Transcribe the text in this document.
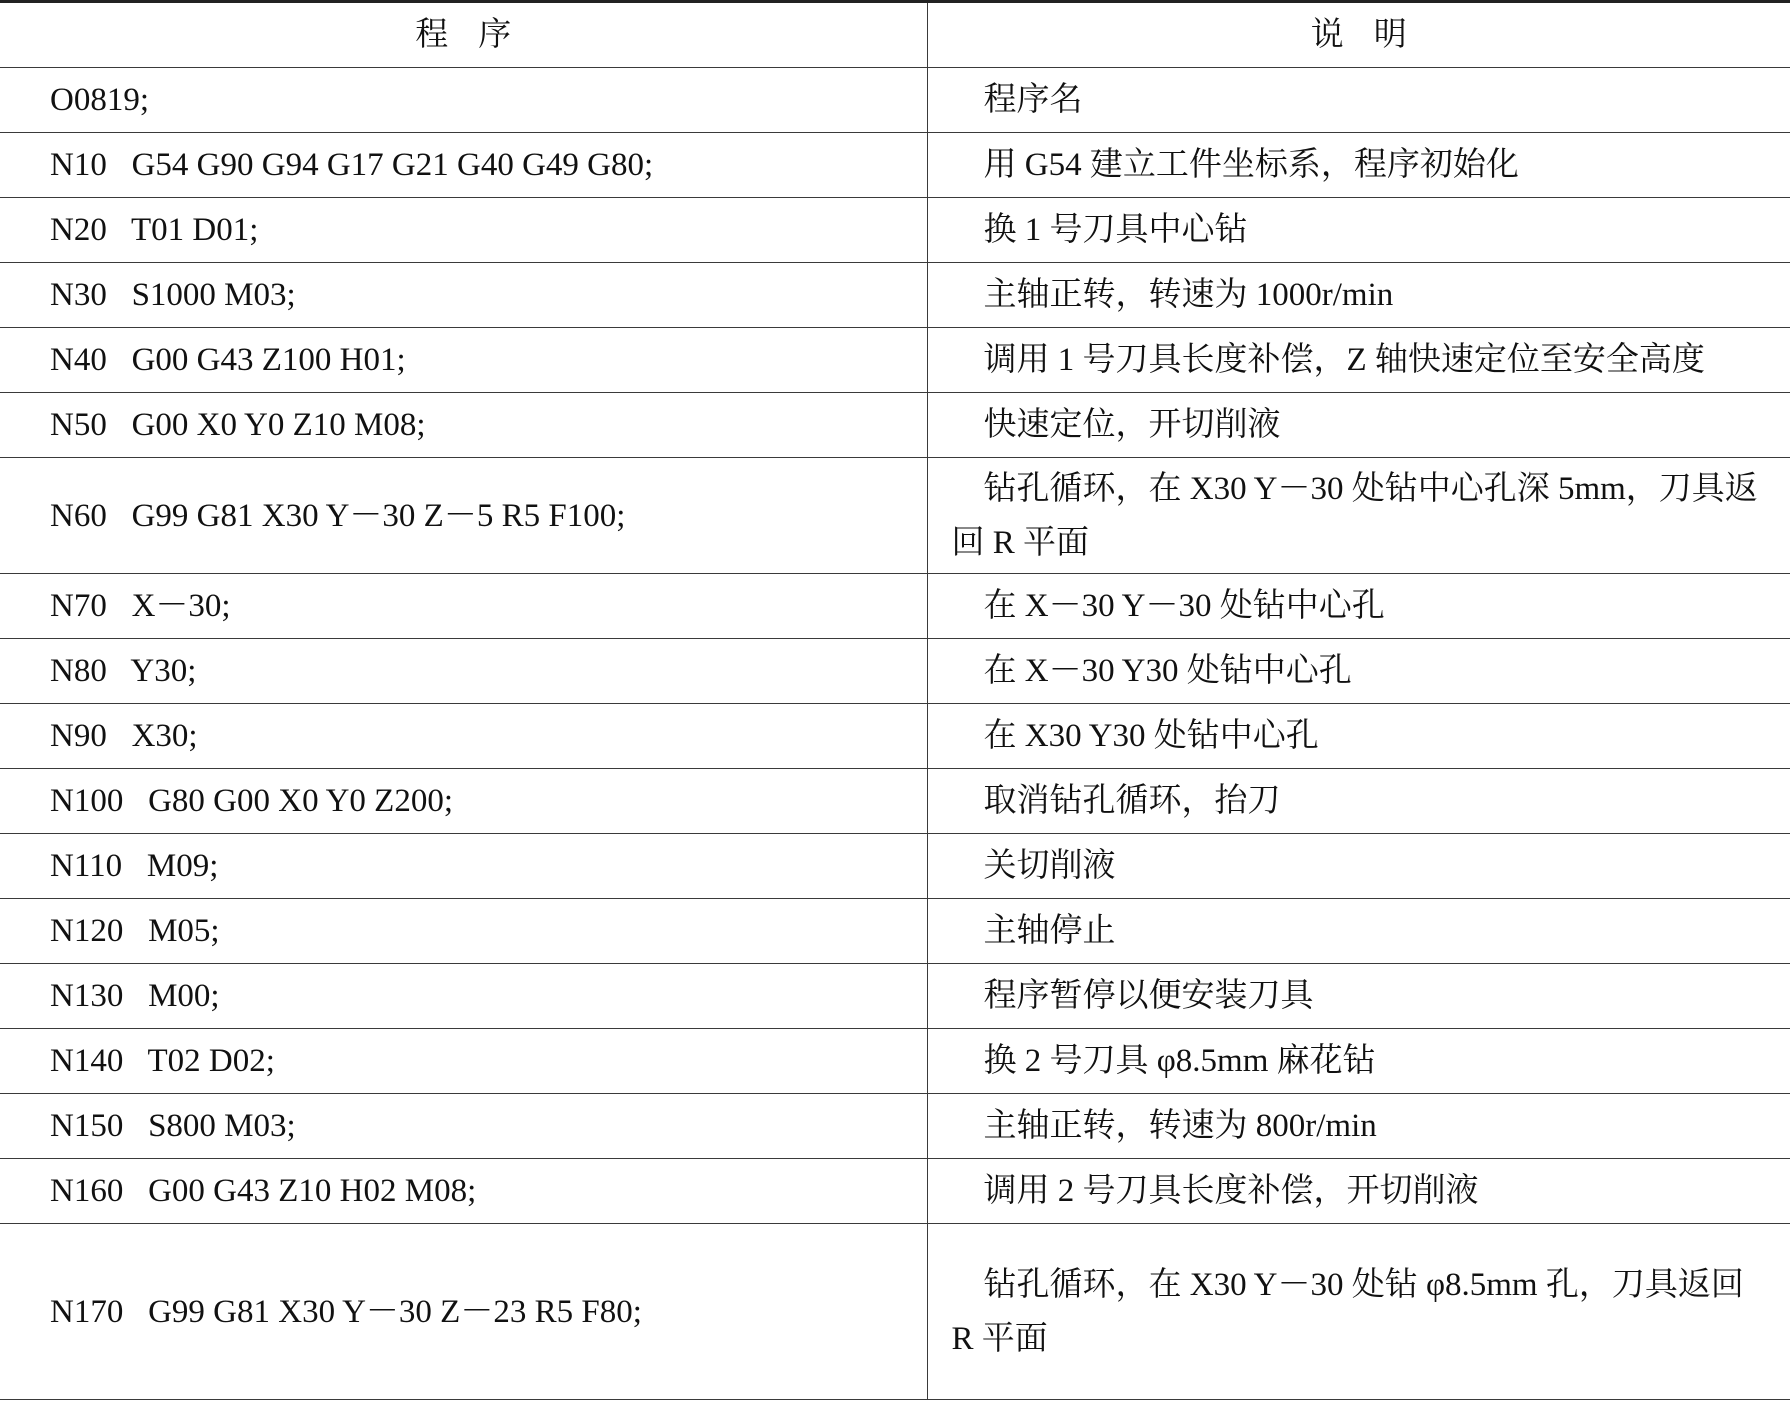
程序	说明
O0819;	程序名
N10   G54 G90 G94 G17 G21 G40 G49 G80;	用 G54 建立工件坐标系，程序初始化
N20   T01 D01;	换 1 号刀具中心钻
N30   S1000 M03;	主轴正转，转速为 1000r/min
N40   G00 G43 Z100 H01;	调用 1 号刀具长度补偿，Z 轴快速定位至安全高度
N50   G00 X0 Y0 Z10 M08;	快速定位，开切削液
N60   G99 G81 X30 Y－30 Z－5 R5 F100;	钻孔循环，在 X30 Y－30 处钻中心孔深 5mm，刀具返回 R 平面
N70   X－30;	在 X－30 Y－30 处钻中心孔
N80   Y30;	在 X－30 Y30 处钻中心孔
N90   X30;	在 X30 Y30 处钻中心孔
N100   G80 G00 X0 Y0 Z200;	取消钻孔循环，抬刀
N110   M09;	关切削液
N120   M05;	主轴停止
N130   M00;	程序暂停以便安装刀具
N140   T02 D02;	换 2 号刀具 φ8.5mm 麻花钻
N150   S800 M03;	主轴正转，转速为 800r/min
N160   G00 G43 Z10 H02 M08;	调用 2 号刀具长度补偿，开切削液
N170   G99 G81 X30 Y－30 Z－23 R5 F80;	钻孔循环，在 X30 Y－30 处钻 φ8.5mm 孔，刀具返回 R 平面
